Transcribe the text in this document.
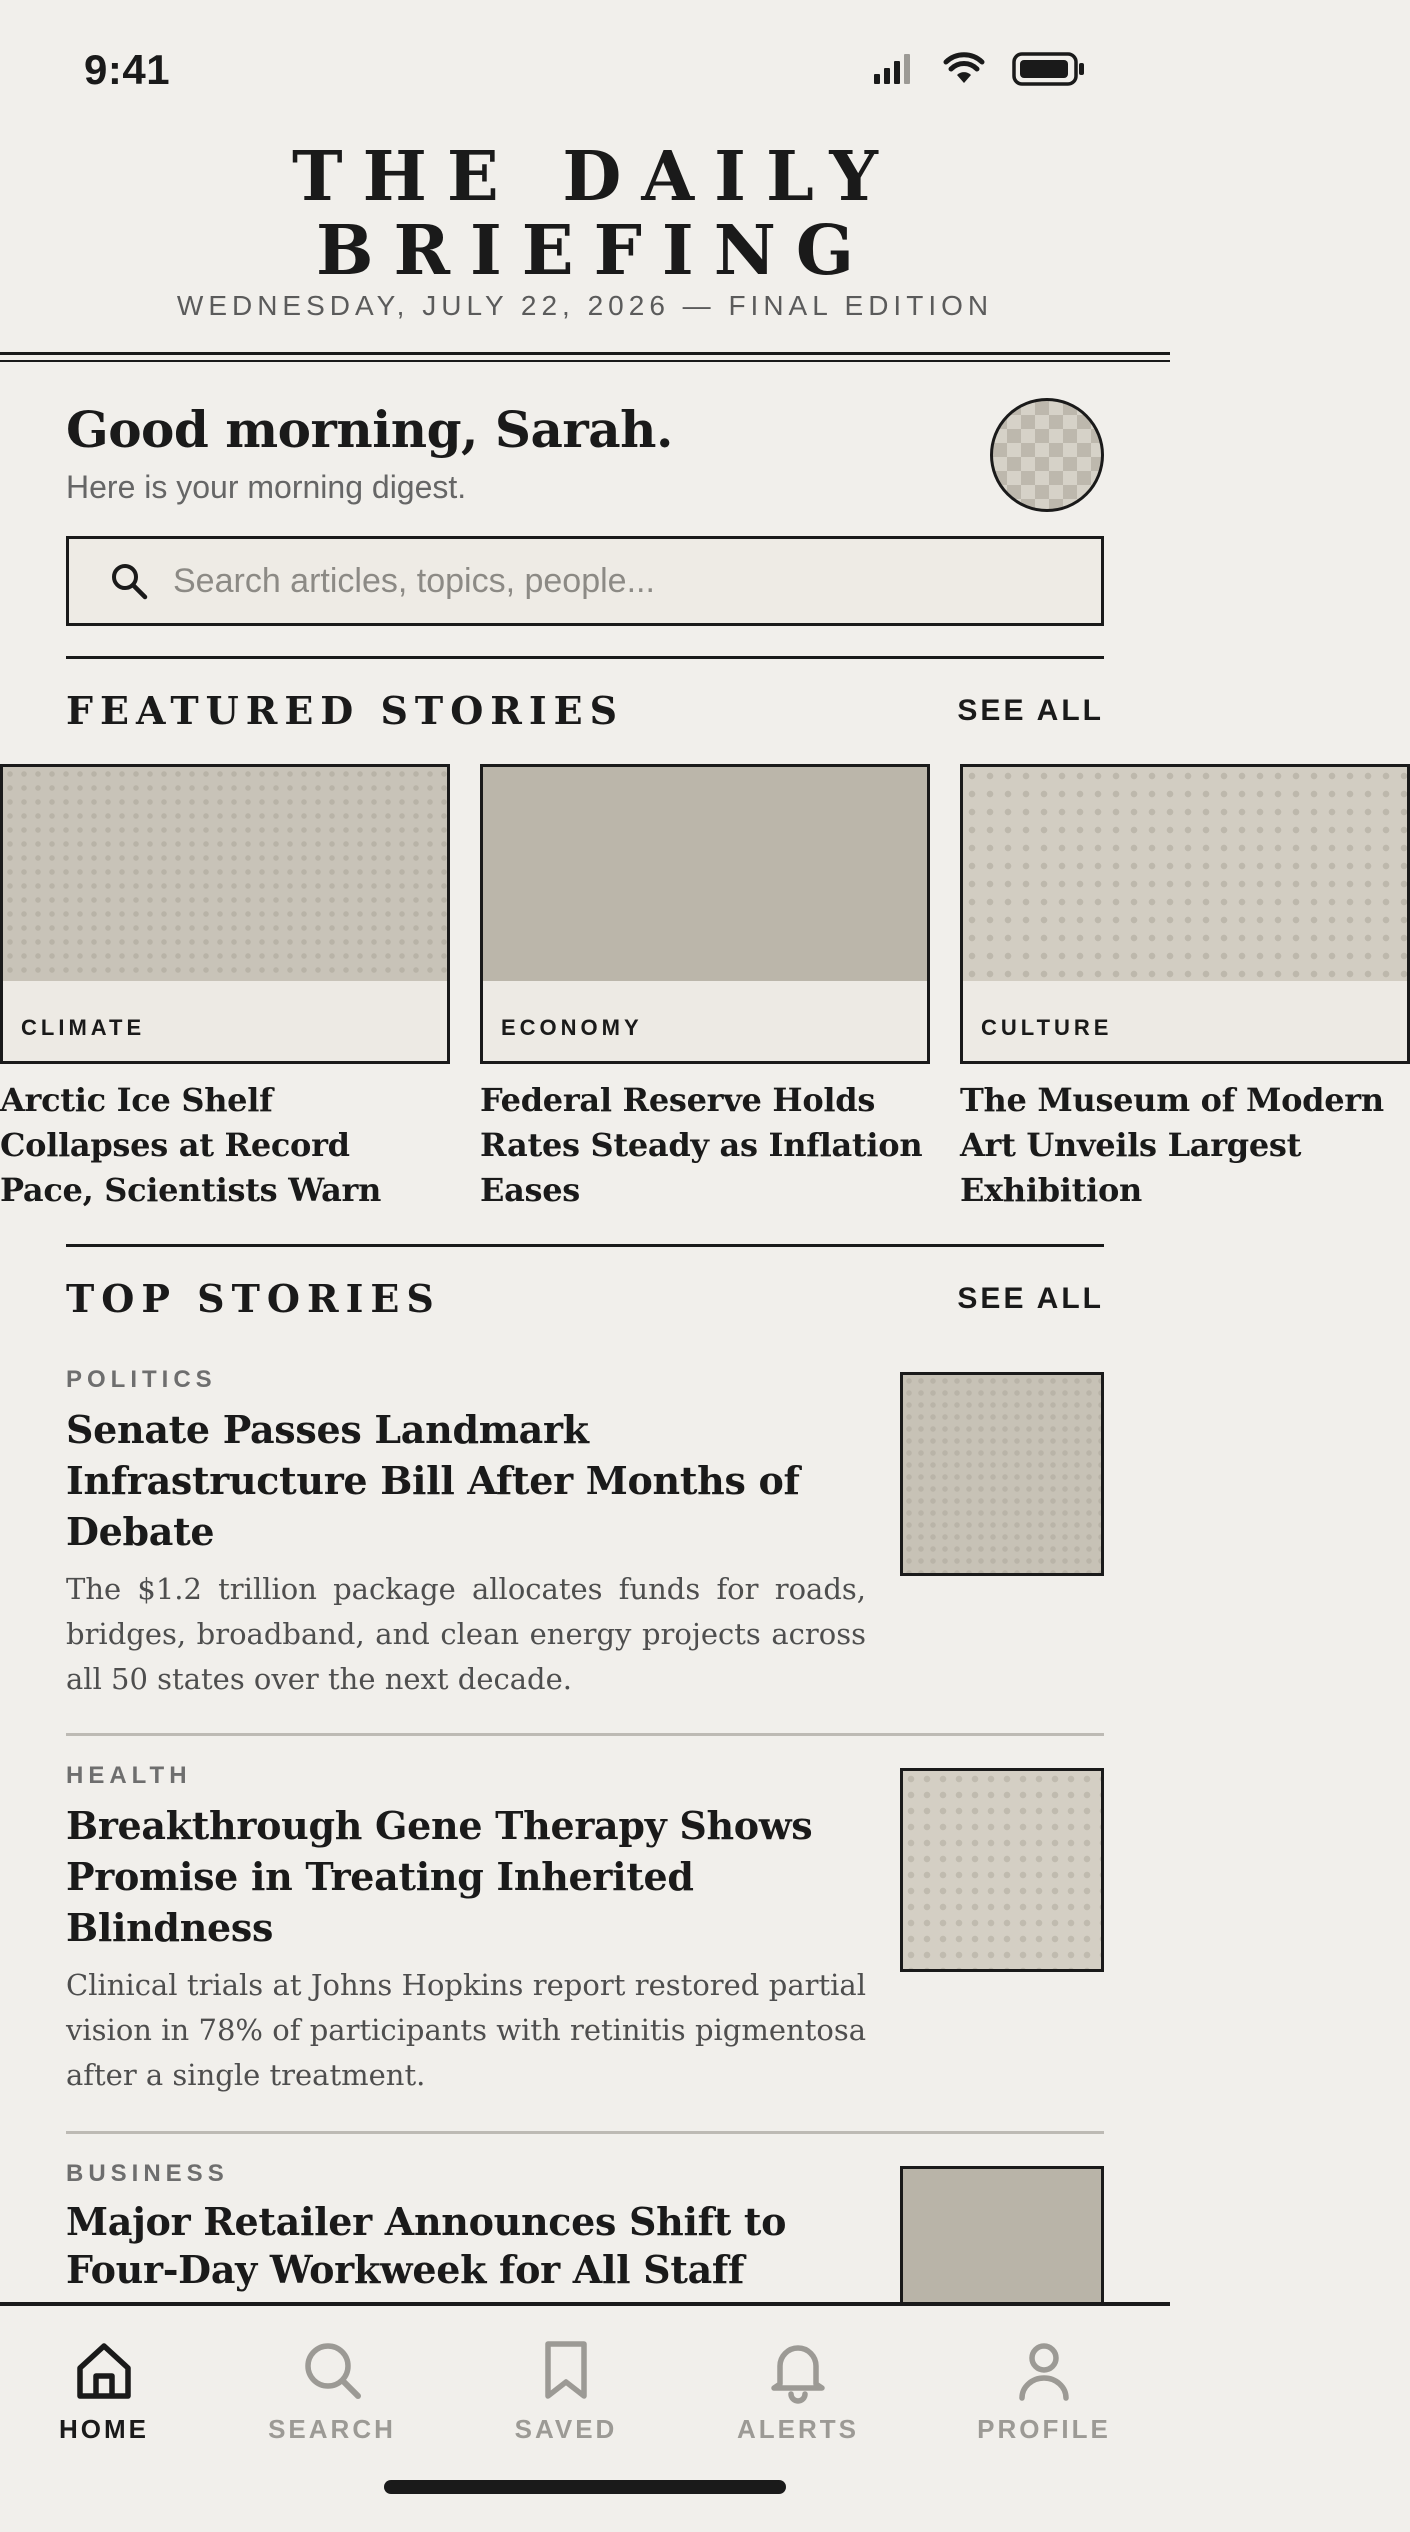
9:41
THE DAILY BRIEFING
WEDNESDAY, JULY 22, 2026 — FINAL EDITION
Good morning, Sarah.
Here is your morning digest.
Search articles, topics, people...
FEATURED STORIES	SEE ALL
CLIMATE
Arctic Ice Shelf Collapses at Record Pace, Scientists Warn
ECONOMY
Federal Reserve Holds Rates Steady as Inflation Eases
CULTURE
The Museum of Modern Art Unveils Largest Exhibition
TOP STORIES	SEE ALL
POLITICS
Senate Passes Landmark Infrastructure Bill After Months of Debate
The $1.2 trillion package allocates funds for roads, bridges, broadband, and clean energy projects across all 50 states over the next decade.
HEALTH
Breakthrough Gene Therapy Shows Promise in Treating Inherited Blindness
Clinical trials at Johns Hopkins report restored partial vision in 78% of participants with retinitis pigmentosa after a single treatment.
BUSINESS
Major Retailer Announces Shift to Four-Day Workweek for All Staff
HOME	SEARCH	SAVED	ALERTS	PROFILE
